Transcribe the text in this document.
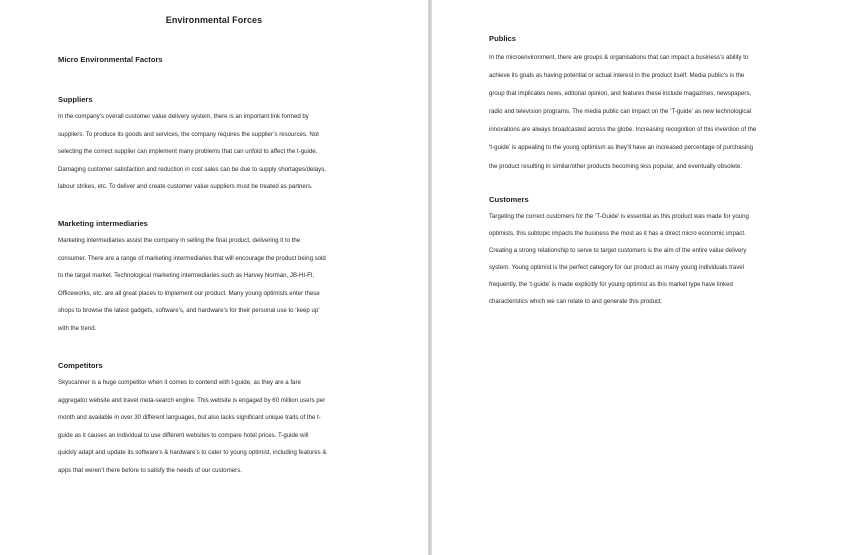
Environmental Forces
Micro Environmental Factors
Suppliers
In the company’s overall customer value delivery system, there is an important link formed by
suppliers. To produce its goods and services, the company requires the supplier’s resources. Not
selecting the correct supplier can implement many problems that can unfold to affect the t-guide.
Damaging customer satisfaction and reduction in cost sales can be due to supply shortages/delays,
labour strikes, etc. To deliver and create customer value suppliers must be treated as partners.
Marketing intermediaries
Marketing intermediaries assist the company in selling the final product, delivering it to the
consumer. There are a range of marketing intermediaries that will encourage the product being sold
to the target market. Technological marketing intermediaries such as Harvey Norman, JB-HI-FI,
Officeworks, etc. are all great places to implement our product. Many young optimists enter these
shops to browse the latest gadgets, software’s, and hardware’s for their personal use to ‘keep up’
with the trend.
Competitors
Skyscanner is a huge competitor when it comes to contend with t-guide, as they are a fare
aggregator website and travel meta-search engine. This website is engaged by 60 million users per
month and available in over 30 different languages, but also lacks significant unique traits of the t-
guide as it causes an individual to use different websites to compare hotel prices. T-guide will
quickly adapt and update its software’s & hardware’s to cater to young optimist, including features &
apps that weren’t there before to satisfy the needs of our customers.
Publics
In the microenvironment, there are groups & organisations that can impact a business’s ability to
achieve its goals as having potential or actual interest in the product itself. Media public’s is the
group that implicates news, editorial opinion, and features these include magazines, newspapers,
radio and television programs. The media public can impact on the ‘T-guide’ as new technological
innovations are always broadcasted across the globe. Increasing recognition of this invention of the
‘t-guide’ is appealing to the young optimism as they’ll have an increased percentage of purchasing
the product resulting in similar/other products becoming less popular, and eventually obsolete.
Customers
Targeting the correct customers for the ‘T-Guide’ is essential as this product was made for young
optimists, this subtopic impacts the business the most as it has a direct micro economic impact.
Creating a strong relationship to serve to target customers is the aim of the entire value delivery
system. Young optimist is the perfect category for our product as many young individuals travel
frequently, the ‘t-guide’ is made explicitly for young optimist as this market type have linked
characteristics which we can relate to and generate this product.
